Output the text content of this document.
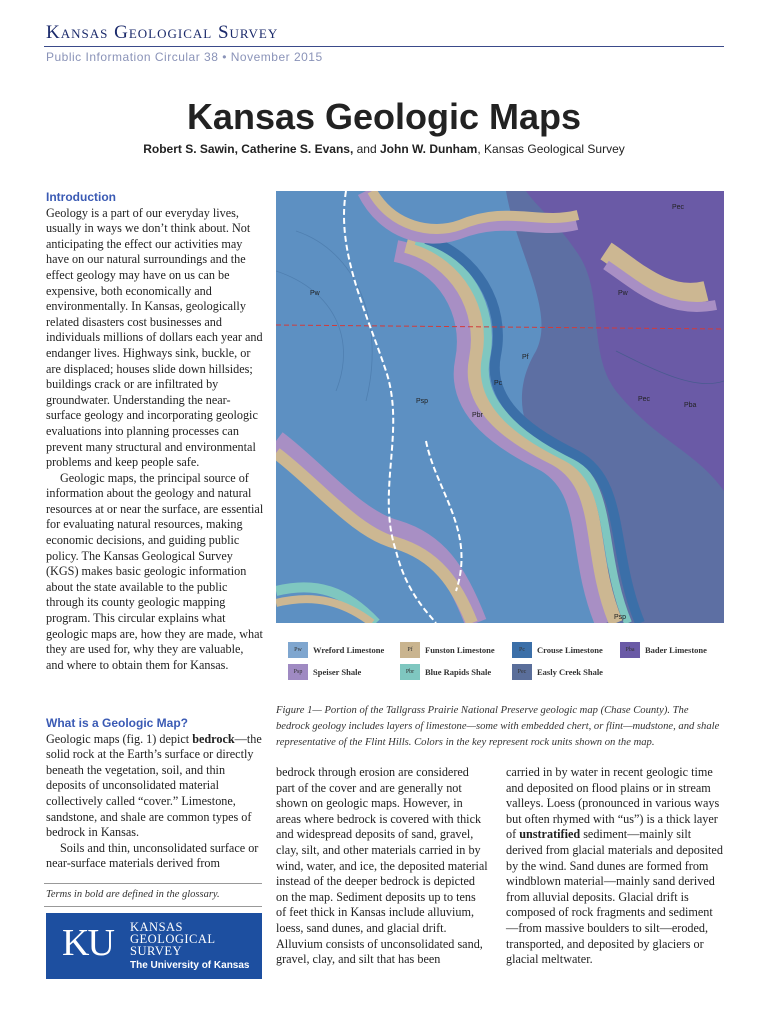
Kansas Geological Survey
Public Information Circular 38 • November 2015
Kansas Geologic Maps
Robert S. Sawin, Catherine S. Evans, and John W. Dunham, Kansas Geological Survey
Introduction

Geology is a part of our everyday lives, usually in ways we don’t think about. Not anticipating the effect our activities may have on our natural surroundings and the effect geology may have on us can be expensive, both economically and environmentally. In Kansas, geologically related disasters cost businesses and individuals millions of dollars each year and endanger lives. Highways sink, buckle, or are displaced; houses slide down hillsides; buildings crack or are infiltrated by groundwater. Understanding the near-surface geology and incorporating geologic evaluations into planning processes can prevent many structural and environmental problems and keep people safe.

Geologic maps, the principal source of information about the geology and natural resources at or near the surface, are essential for evaluating natural resources, making economic decisions, and guiding public policy. The Kansas Geological Survey (KGS) makes basic geologic information about the state available to the public through its county geologic mapping program. This circular explains what geologic maps are, how they are made, what they are used for, why they are valuable, and where to obtain them for Kansas.

What is a Geologic Map?

Geologic maps (fig. 1) depict bedrock—the solid rock at the Earth’s surface or directly beneath the vegetation, soil, and thin deposits of unconsolidated material collectively called “cover.” Limestone, sandstone, and shale are common types of bedrock in Kansas.

Soils and thin, unconsolidated surface or near-surface materials derived from

Terms in bold are defined in the glossary.
KU KANSAS
GEOLOGICAL
SURVEY
The University of Kansas
Pw	Pw
Pec
Pec
Pf
Pc
Pbr
Psp
Psp
Pba
Pw	Wreford Limestone	Pf	Funston Limestone	Pc	Crouse Limestone	Pba	Bader Limestone
Psp	Speiser Shale	Pbr	Blue Rapids Shale	Pec	Easly Creek Shale
Figure 1— Portion of the Tallgrass Prairie National Preserve geologic map (Chase County). The bedrock geology includes layers of limestone—some with embedded chert, or flint—mudstone, and shale representative of the Flint Hills. Colors in the key represent rock units shown on the map.
bedrock through erosion are considered part of the cover and are generally not shown on geologic maps. However, in areas where bedrock is covered with thick and widespread deposits of sand, gravel, clay, silt, and other materials carried in by wind, water, and ice, the deposited material instead of the deeper bedrock is depicted on the map. Sediment deposits up to tens of feet thick in Kansas include alluvium, loess, sand dunes, and glacial drift. Alluvium consists of unconsolidated sand, gravel, clay, and silt that has been
carried in by water in recent geologic time and deposited on flood plains or in stream valleys. Loess (pronounced in various ways but often rhymed with “us”) is a thick layer of unstratified sediment—mainly silt derived from glacial materials and deposited by the wind. Sand dunes are formed from windblown material—mainly sand derived from alluvial deposits. Glacial drift is composed of rock fragments and sediment—from massive boulders to silt—eroded, transported, and deposited by glaciers or glacial meltwater.
